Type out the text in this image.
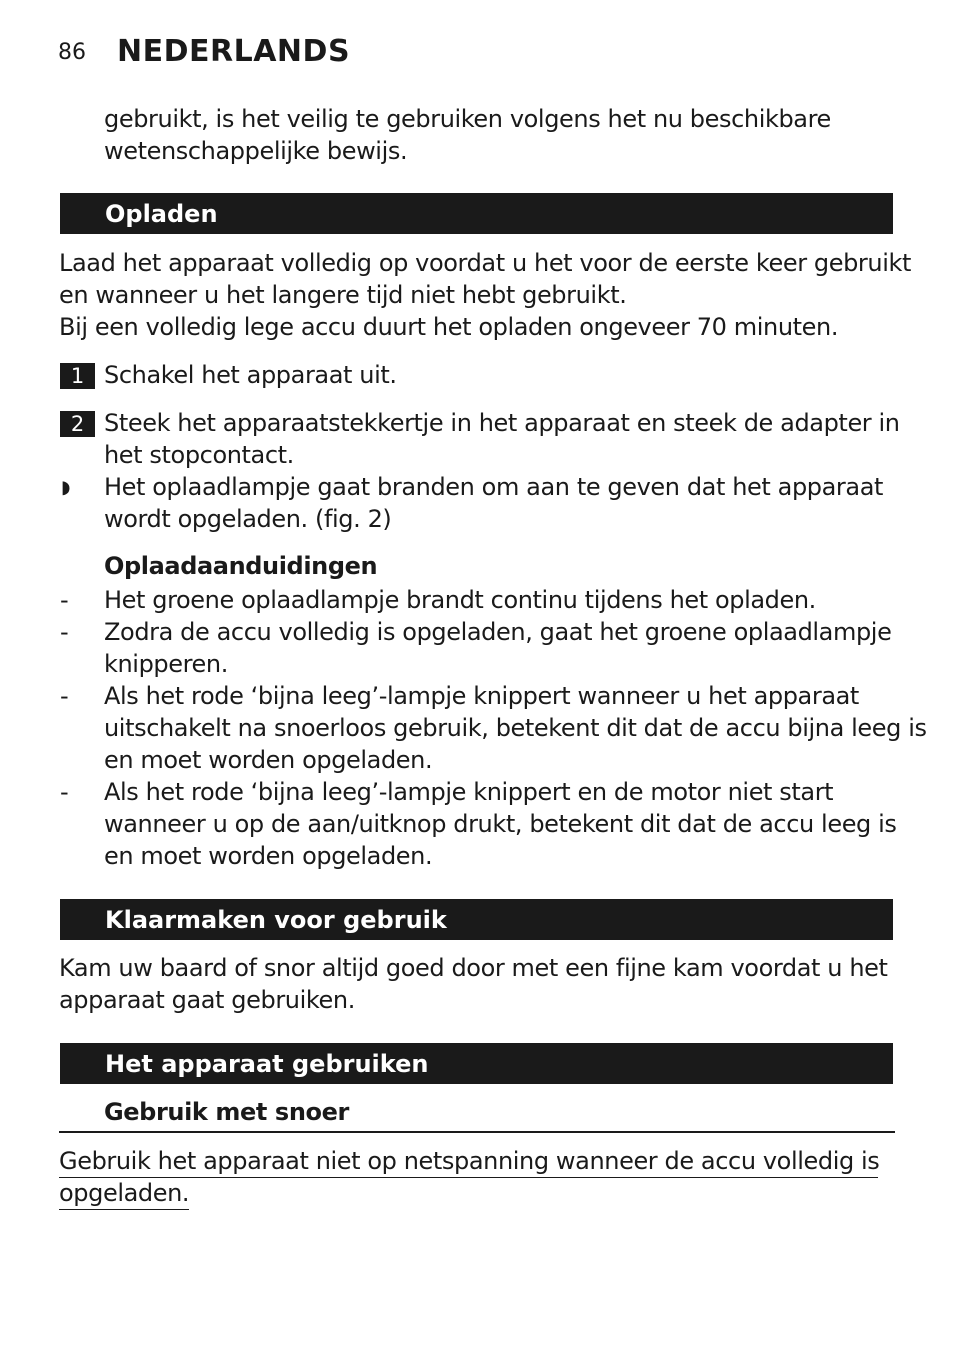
86 NEDERLANDS

gebruikt, is het veilig te gebruiken volgens het nu beschikbare

wetenschappelijke bewijs.

Opladen

Laad het apparaat volledig op voordat u het voor de eerste keer gebruikt

en wanneer u het langere tijd niet hebt gebruikt.

Bij een volledig lege accu duurt het opladen ongeveer 70 minuten.

1 Schakel het apparaat uit.

2 Steek het apparaatstekkertje in het apparaat en steek de adapter in

het stopcontact.

◗ Het oplaadlampje gaat branden om aan te geven dat het apparaat

wordt opgeladen. (fig. 2)

Oplaadaanduidingen

- Het groene oplaadlampje brandt continu tijdens het opladen.

- Zodra de accu volledig is opgeladen, gaat het groene oplaadlampje

knipperen.

- Als het rode ‘bijna leeg’-lampje knippert wanneer u het apparaat

uitschakelt na snoerloos gebruik, betekent dit dat de accu bijna leeg is

en moet worden opgeladen.

- Als het rode ‘bijna leeg’-lampje knippert en de motor niet start

wanneer u op de aan/uitknop drukt, betekent dit dat de accu leeg is

en moet worden opgeladen.

Klaarmaken voor gebruik

Kam uw baard of snor altijd goed door met een fijne kam voordat u het

apparaat gaat gebruiken.

Het apparaat gebruiken

Gebruik met snoer

Gebruik het apparaat niet op netspanning wanneer de accu volledig is

opgeladen.
